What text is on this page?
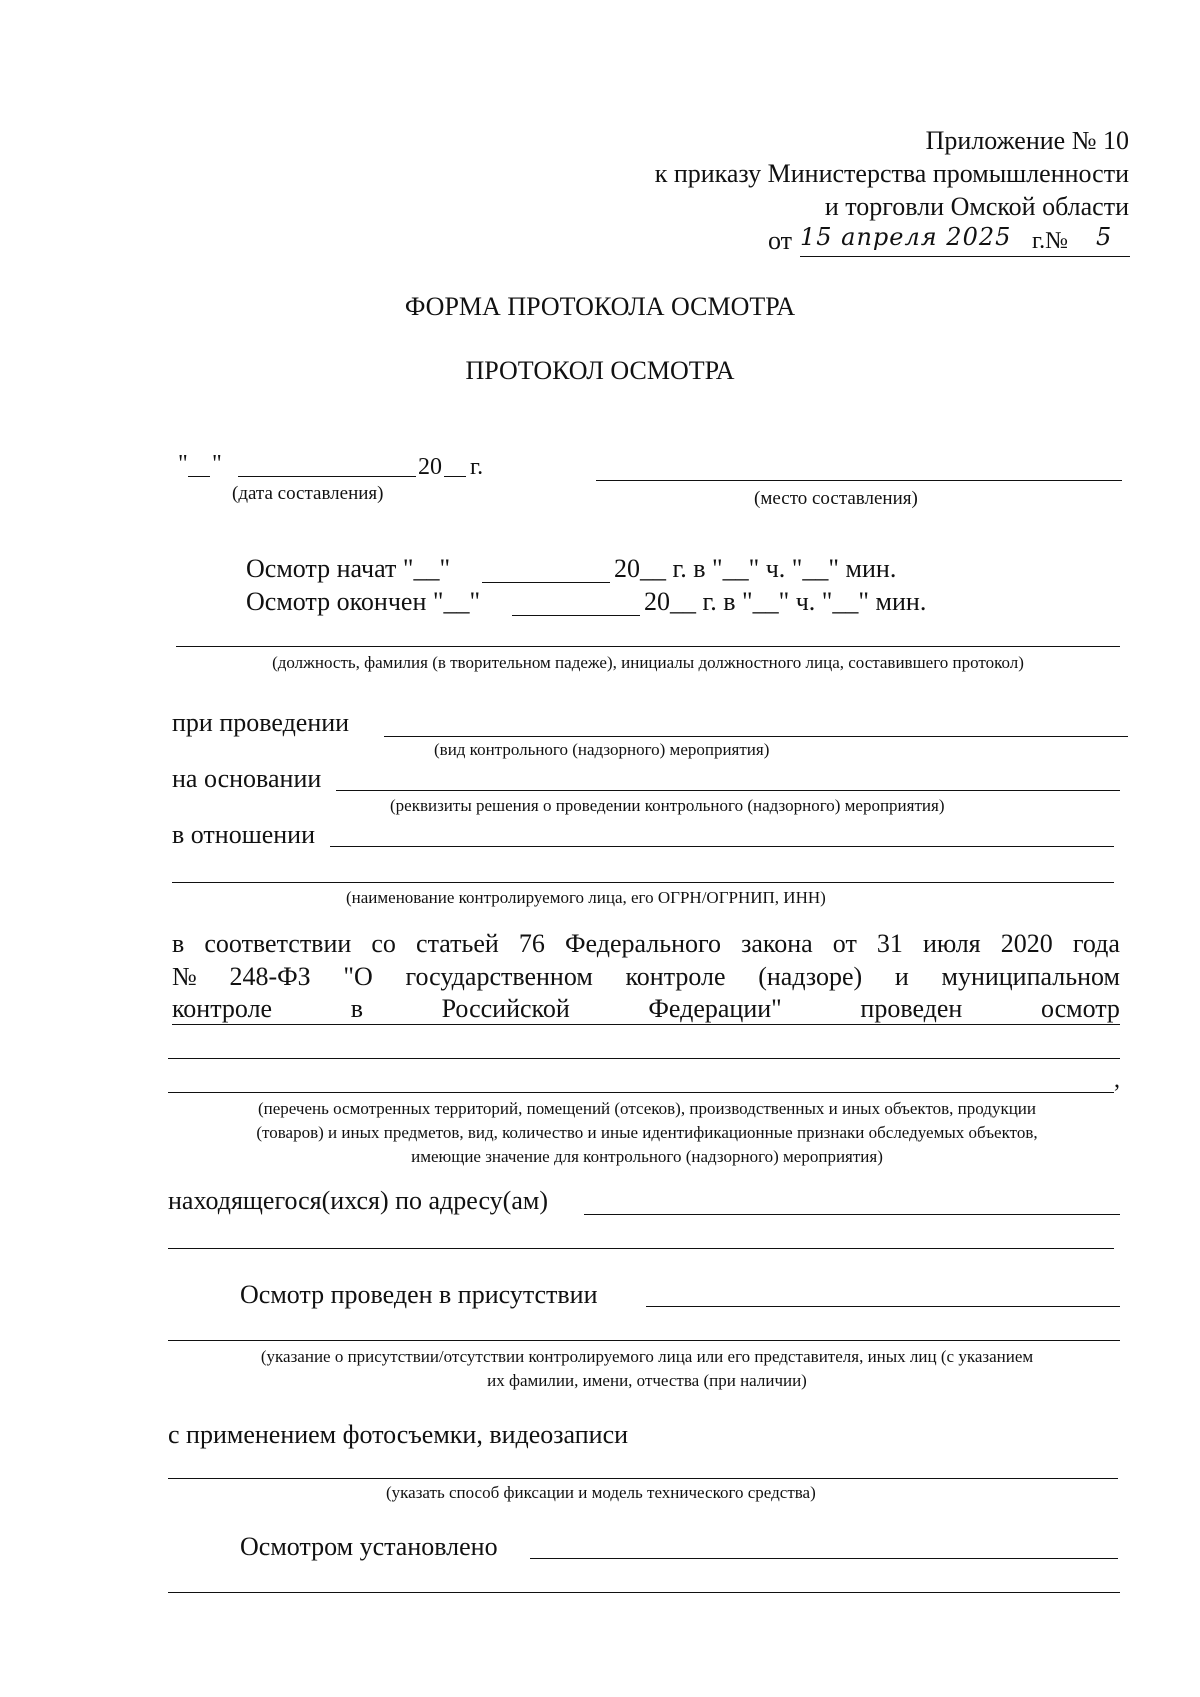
Приложение № 10
к приказу Министерства промышленности
и торговли Омской области
от 15 апреля 2025 г.№ 5
ФОРМА ПРОТОКОЛА ОСМОТРА
ПРОТОКОЛ ОСМОТРА
" "	20 г.
(дата составления)	(место составления)
Осмотр начат "__"	20__ г. в "__" ч. "__" мин.
Осмотр окончен "__"	20__ г. в "__" ч. "__" мин.
(должность, фамилия (в творительном падеже), инициалы должностного лица, составившего протокол)
при проведении
(вид контрольного (надзорного) мероприятия)
на основании
(реквизиты решения о проведении контрольного (надзорного) мероприятия)
в отношении
(наименование контролируемого лица, его ОГРН/ОГРНИП, ИНН)
в соответствии со статьей 76 Федерального закона от 31 июля 2020 года
№ 248-ФЗ "О государственном контроле (надзоре) и муниципальном
контроле	в	Российской	Федерации"	проведен	осмотр
,
(перечень осмотренных территорий, помещений (отсеков), производственных и иных объектов, продукции
(товаров) и иных предметов, вид, количество и иные идентификационные признаки обследуемых объектов,
имеющие значение для контрольного (надзорного) мероприятия)
находящегося(ихся) по адресу(ам)
Осмотр проведен в присутствии
(указание о присутствии/отсутствии контролируемого лица или его представителя, иных лиц (с указанием
их фамилии, имени, отчества (при наличии)
с применением фотосъемки, видеозаписи
(указать способ фиксации и модель технического средства)
Осмотром установлено
